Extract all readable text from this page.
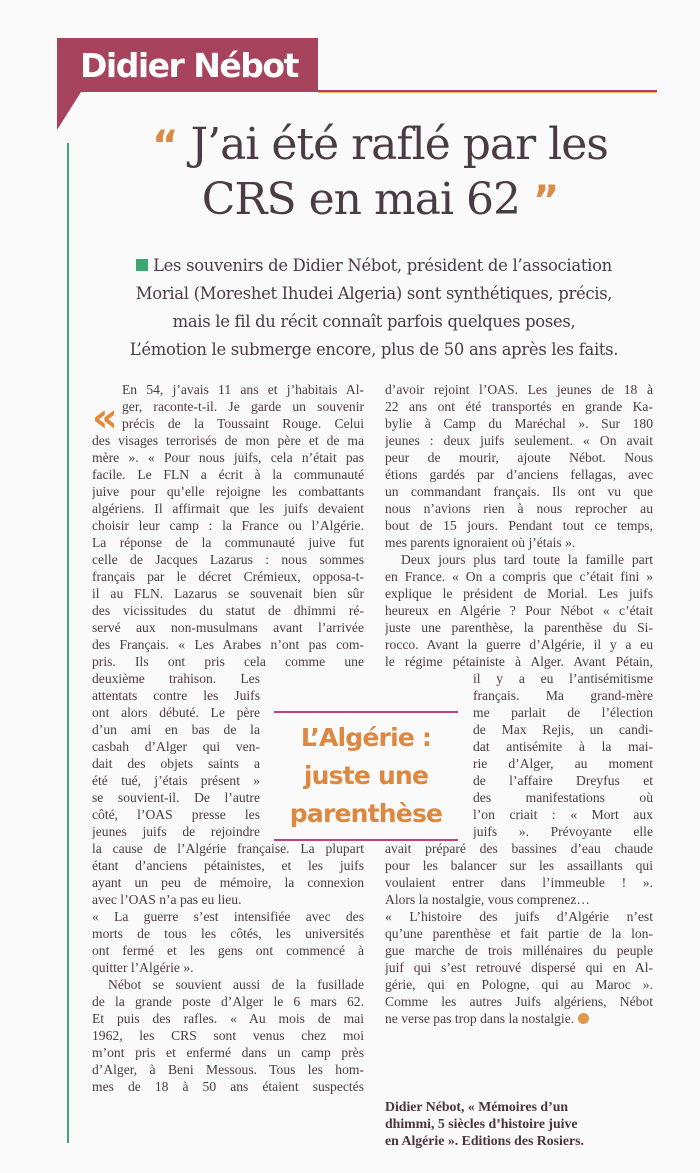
Didier Nébot
“ J’ai été raflé par les
CRS en mai 62 ”
Les souvenirs de Didier Nébot, président de l’association
Morial (Moreshet Ihudei Algeria) sont synthétiques, précis,
mais le fil du récit connaît parfois quelques poses,
L’émotion le submerge encore, plus de 50 ans après les faits.
«
En 54, j’avais 11 ans et j’habitais Al-
ger, raconte-t-il. Je garde un souvenir
précis de la Toussaint Rouge. Celui
des visages terrorisés de mon père et de ma
mère ». « Pour nous juifs, cela n’était pas
facile. Le FLN a écrit à la communauté
juive pour qu’elle rejoigne les combattants
algériens. Il affirmait que les juifs devaient
choisir leur camp : la France ou l’Algérie.
La réponse de la communauté juive fut
celle de Jacques Lazarus : nous sommes
français par le décret Crémieux, opposa-t-
il au FLN. Lazarus se souvenait bien sûr
des vicissitudes du statut de dhimmi ré-
servé aux non-musulmans avant l’arrivée
des Français. « Les Arabes n’ont pas com-
pris. Ils ont pris cela comme une
deuxième trahison. Les
attentats contre les Juifs
ont alors débuté. Le père
d’un ami en bas de la
casbah d’Alger qui ven-
dait des objets saints a
été tué, j’étais présent »
se souvient-il. De l’autre
côté, l’OAS presse les
jeunes juifs de rejoindre
la cause de l’Algérie française. La plupart
étant d’anciens pétainistes, et les juifs
ayant un peu de mémoire, la connexion
avec l’OAS n’a pas eu lieu.
« La guerre s’est intensifiée avec des
morts de tous les côtés, les universités
ont fermé et les gens ont commencé à
quitter l’Algérie ».
Nébot se souvient aussi de la fusillade
de la grande poste d’Alger le 6 mars 62.
Et puis des rafles. « Au mois de mai
1962, les CRS sont venus chez moi
m’ont pris et enfermé dans un camp près
d’Alger, à Beni Messous. Tous les hom-
mes de 18 à 50 ans étaient suspectés
d’avoir rejoint l’OAS. Les jeunes de 18 à
22 ans ont été transportés en grande Ka-
bylie à Camp du Maréchal ». Sur 180
jeunes : deux juifs seulement. « On avait
peur de mourir, ajoute Nébot. Nous
étions gardés par d’anciens fellagas, avec
un commandant français. Ils ont vu que
nous n’avions rien à nous reprocher au
bout de 15 jours. Pendant tout ce temps,
mes parents ignoraient où j’étais ».
Deux jours plus tard toute la famille part
en France. « On a compris que c’était fini »
explique le président de Morial. Les juifs
heureux en Algérie ? Pour Nébot « c’était
juste une parenthèse, la parenthèse du Si-
rocco. Avant la guerre d’Algérie, il y a eu
le régime pétainiste à Alger. Avant Pétain,
il y a eu l’antisémitisme
français. Ma grand-mère
me parlait de l’élection
de Max Rejis, un candi-
dat antisémite à la mai-
rie d’Alger, au moment
de l’affaire Dreyfus et
des manifestations où
l’on criait : « Mort aux
juifs ». Prévoyante elle
avait préparé des bassines d’eau chaude
pour les balancer sur les assaillants qui
voulaient entrer dans l’immeuble ! ».
Alors la nostalgie, vous comprenez…
« L’histoire des juifs d’Algérie n’est
qu’une parenthèse et fait partie de la lon-
gue marche de trois millénaires du peuple
juif qui s’est retrouvé dispersé qui en Al-
gérie, qui en Pologne, qui au Maroc ».
Comme les autres Juifs algériens, Nébot
ne verse pas trop dans la nostalgie.
L’Algérie :
juste une
parenthèse
Didier Nébot, « Mémoires d’un
dhimmi, 5 siècles d’histoire juive
en Algérie ». Editions des Rosiers.
